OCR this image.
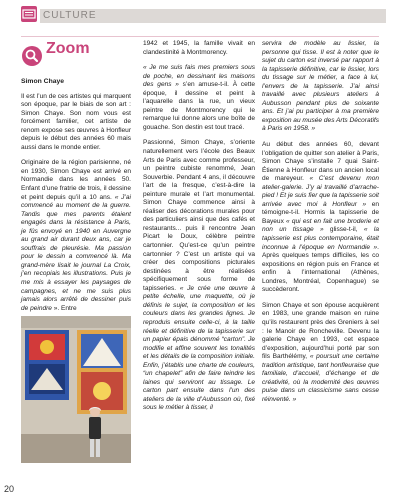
CULTURE
Zoom
Simon Chaye

Il est l’un de ces artistes qui marquent son époque, par le biais de son art : Simon Chaye. Son nom vous est forcément familier, cet artiste de renom expose ses œuvres à Honfleur depuis le début des années 60 mais aussi dans le monde entier.

Originaire de la région parisienne, né en 1930, Simon Chaye est arrivé en Normandie dans les années 50. Enfant d’une fratrie de trois, il dessine et peint depuis qu’il a 10 ans. « J’ai commencé au moment de la guerre. Tandis que mes parents étaient engagés dans la résistance à Paris, je fûs envoyé en 1940 en Auvergne au grand air durant deux ans, car je souffrais de pleurésie. Ma passion pour le dessin a commencé là. Ma grand-mère lisait le journal La Croix, j’en recopiais les illustrations. Puis je me mis à essayer les paysages de campagnes, et ne me suis plus jamais alors arrêté de dessiner puis de peindre ». Entre

1942 et 1945, la famille vivait en clandestinité à Montmorency.

« Je me suis fais mes premiers sous de poche, en dessinant les maisons des gens » s’en amuse-t-il. À cette époque, il dessine et peint à l’aquarelle dans la rue, un vieux peintre de Montmorency qui le remarque lui donne alors une boîte de gouache. Son destin est tout tracé.

Passionné, Simon Chaye, s’oriente naturellement vers l’école des Beaux Arts de Paris avec comme professeur, un peintre cubiste renommé, Jean Souverbie. Pendant 4 ans, il découvre l’art de la fresque, c’est-à-dire la peinture murale et l’art monumental. Simon Chaye commence ainsi à réaliser des décorations murales pour des particuliers ainsi que des cafés et restaurants... puis il rencontre Jean Picart le Doux, célèbre peintre cartonnier. Qu’est-ce qu’un peintre cartonnier ? C’est un artiste qui va créer des compositions picturales destinées à être réalisées spécifiquement sous forme de tapisseries. « Je crée une œuvre à petite échelle, une maquette, où je définis le sujet, la composition et les couleurs dans les grandes lignes. Je reproduis ensuite celle-ci, à la taille réelle et définitive de la tapisserie sur un papier épais dénommé “carton”. Je modifie et affine souvent les tonalités et les détails de la composition initiale. Enfin, j’établis une charte de couleurs, “un chapelet” afin de faire teindre les laines qui serviront au tissage. Le carton part ensuite dans l’un des ateliers de la ville d’Aubusson où, fixé sous le métier à tisser, il

servira de modèle au lissier, la personne qui tisse. Il est à noter que le sujet du carton est inversé par rapport à la tapisserie définitive, car le lissier, lors du tissage sur le métier, a face à lui, l’envers de la tapisserie. J’ai ainsi travaillé avec plusieurs ateliers à Aubusson pendant plus de soixante ans. Et j’ai pu participer à ma première exposition au musée des Arts Décoratifs à Paris en 1958. »

Au début des années 60, devant l’obligation de quitter son atelier à Paris, Simon Chaye s’installe 7 quai Saint-Étienne à Honfleur dans un ancien local de mareyeur. « C’est devenu mon atelier-galerie. J’y ai travaillé d’arrache-pied ! Et je suis fier que la tapisserie soit arrivée avec moi à Honfleur » en témoigne-t-il. Hormis la tapisserie de Bayeux « qui est en fait une broderie et non un tissage » glisse-t-il, « la tapisserie est plus contemporaine, était inconnue à l’époque en Normandie ». Après quelques temps difficiles, les co expositions en région puis en France et enfin à l’international (Athènes, Londres, Montréal, Copenhague) se succèderont.

Simon Chaye et son épouse acquièrent en 1983, une grande maison en ruine qu’ils restaurent près des Greniers à sel : le Manoir de Roncheville. Devenu la galerie Chaye en 1993, cet espace d’exposition, aujourd’hui porté par son fils Barthélémy, « poursuit une certaine tradition artistique, tant honfleuraise que familiale, d’accueil, d’échange et de créativité, où la modernité des œuvres puise dans un classicisme sans cesse réinventé. »

20
